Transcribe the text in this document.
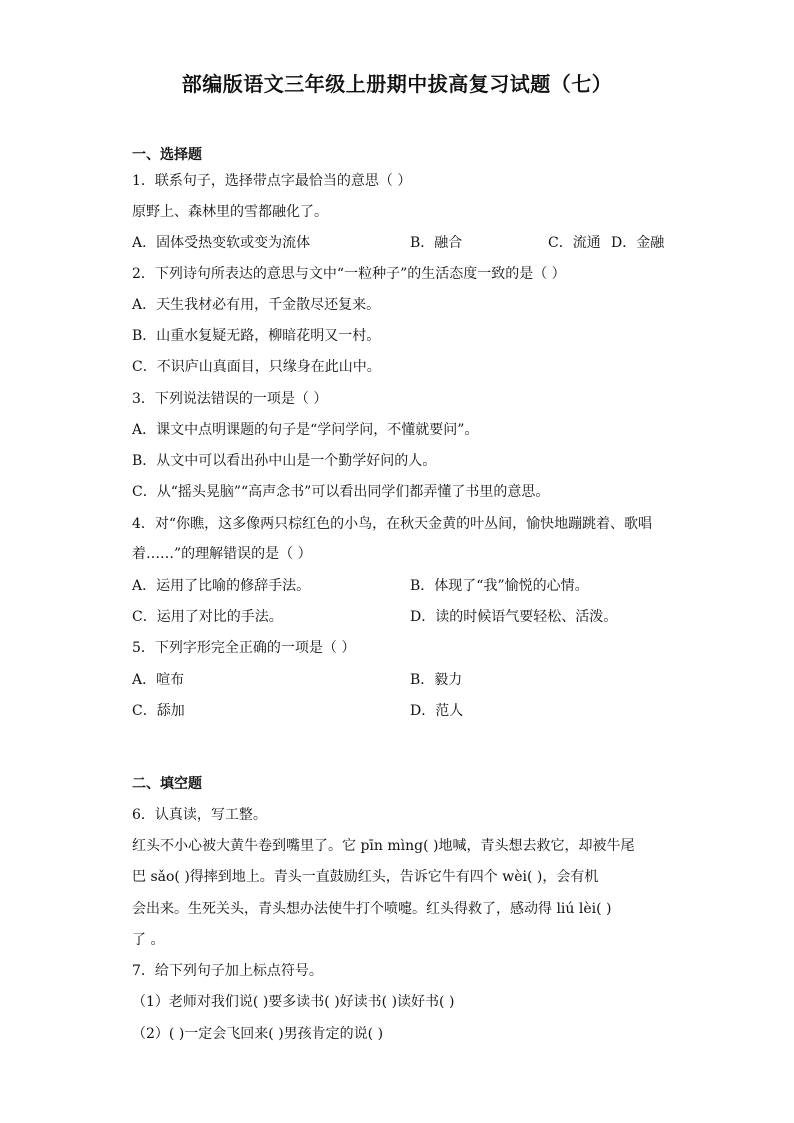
部编版语文三年级上册期中拔高复习试题（七）
一、选择题
1．联系句子，选择带点字最恰当的意思（ ）
原野上、森林里的雪都融化了。
A．固体受热变软或变为流体	B．融合	C．流通 D．金融
2．下列诗句所表达的意思与文中“一粒种子”的生活态度一致的是（ ）
A．天生我材必有用，千金散尽还复来。
B．山重水复疑无路，柳暗花明又一村。
C．不识庐山真面目，只缘身在此山中。
3．下列说法错误的一项是（ ）
A．课文中点明课题的句子是“学问学问，不懂就要问”。
B．从文中可以看出孙中山是一个勤学好问的人。
C．从“摇头晃脑”“高声念书”可以看出同学们都弄懂了书里的意思。
4．对“你瞧，这多像两只棕红色的小鸟，在秋天金黄的叶丛间，愉快地蹦跳着、歌唱
着……”的理解错误的是（ ）
A．运用了比喻的修辞手法。	B．体现了“我”愉悦的心情。
C．运用了对比的手法。	D．读的时候语气要轻松、活泼。
5．下列字形完全正确的一项是（ ）
A．喧布	B．毅力
C．舔加	D．范人
二、填空题
6．认真读，写工整。
红头不小心被大黄牛卷到嘴里了。它 pīn mìng( )地喊，青头想去救它，却被牛尾
巴 sǎo( )得摔到地上。青头一直鼓励红头，告诉它牛有四个 wèi( )，会有机
会出来。生死关头，青头想办法使牛打个喷嚏。红头得救了，感动得 liú lèi( )
了 。
7．给下列句子加上标点符号。
（1）老师对我们说( )要多读书( )好读书( )读好书( )
（2）( )一定会飞回来( )男孩肯定的说( )
